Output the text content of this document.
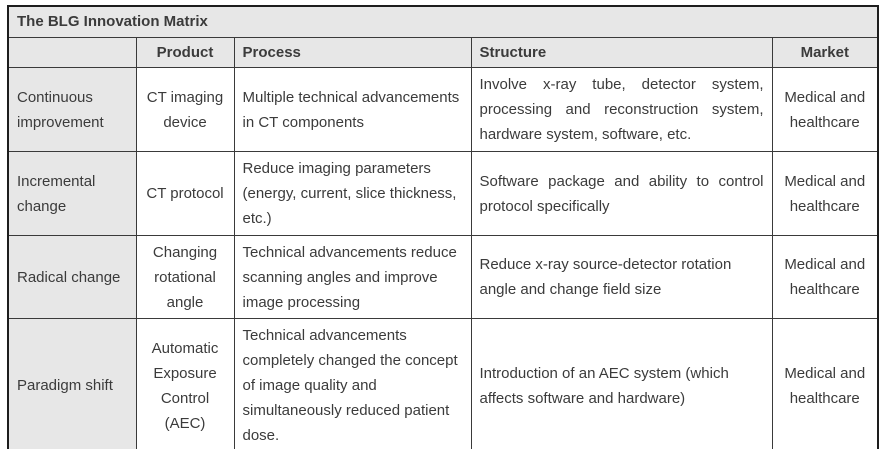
The BLG Innovation Matrix				
	Product	Process	Structure	Market
Continuous improvement	CT imaging device	Multiple technical advancements in CT components	Involve x-ray tube, detector system, processing and reconstruction system, hardware system, software, etc.	Medical and healthcare
Incremental change	CT protocol	Reduce imaging parameters (energy, current, slice thickness, etc.)	Software package and ability to control protocol specifically	Medical and healthcare
Radical change	Changing rotational angle	Technical advancements reduce scanning angles and improve image processing	Reduce x-ray source-detector rotation angle and change field size	Medical and healthcare
Paradigm shift	Automatic Exposure Control (AEC)	Technical advancements completely changed the concept of image quality and simultaneously reduced patient dose.	Introduction of an AEC system (which affects software and hardware)	Medical and healthcare
